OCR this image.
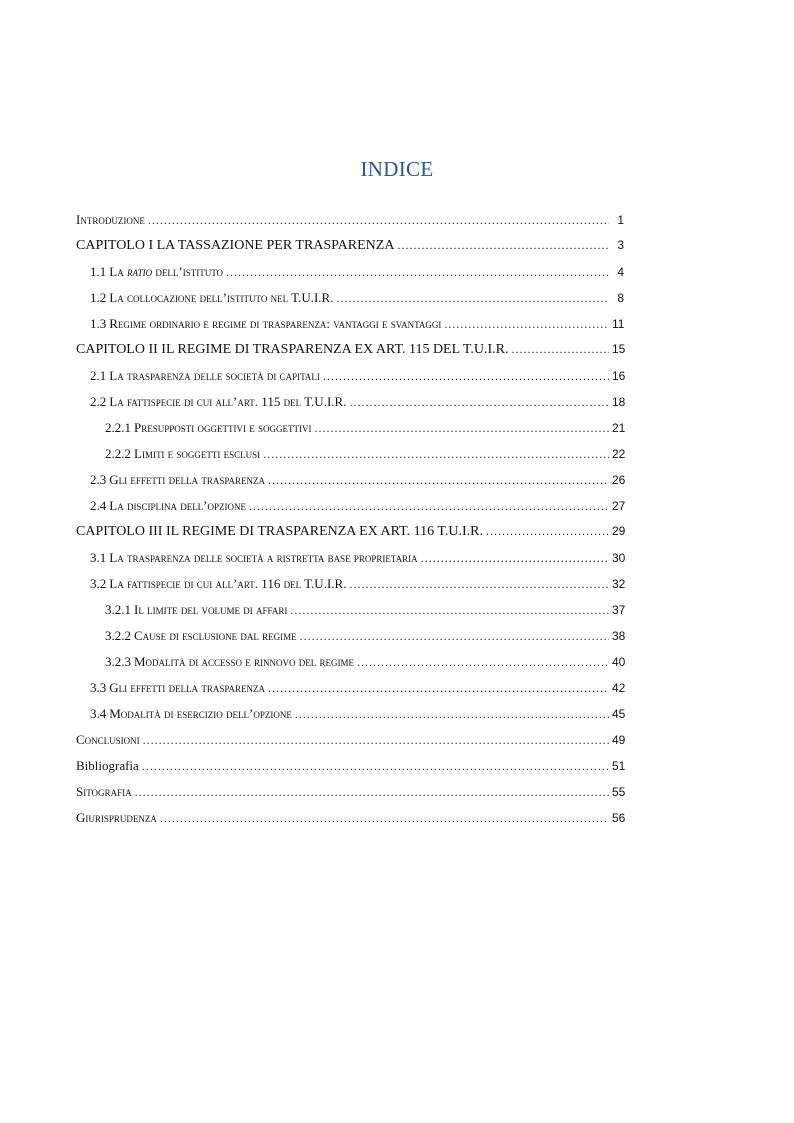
INDICE
Introduzione .....	1
CAPITOLO I LA TASSAZIONE PER TRASPARENZA .....	3
1.1 La ratio dell’istituto .....	4
1.2 La collocazione dell’istituto nel T.U.I.R. .....	8
1.3 Regime ordinario e regime di trasparenza: vantaggi e svantaggi .....	11
CAPITOLO II IL REGIME DI TRASPARENZA EX ART. 115 DEL T.U.I.R. .....	15
2.1 La trasparenza delle società di capitali .....	16
2.2 La fattispecie di cui all’art. 115 del T.U.I.R. .....	18
2.2.1 Presupposti oggettivi e soggettivi .....	21
2.2.2 Limiti e soggetti esclusi .....	22
2.3 Gli effetti della trasparenza .....	26
2.4 La disciplina dell’opzione .....	27
CAPITOLO III IL REGIME DI TRASPARENZA EX ART. 116 T.U.I.R. .....	29
3.1 La trasparenza delle società a ristretta base proprietaria .....	30
3.2 La fattispecie di cui all’art. 116 del T.U.I.R. .....	32
3.2.1 Il limite del volume di affari .....	37
3.2.2 Cause di esclusione dal regime .....	38
3.2.3 Modalità di accesso e rinnovo del regime .....	40
3.3 Gli effetti della trasparenza .....	42
3.4 Modalità di esercizio dell’opzione .....	45
Conclusioni .....	49
Bibliografia .....	51
Sitografia .....	55
Giurisprudenza .....	56
